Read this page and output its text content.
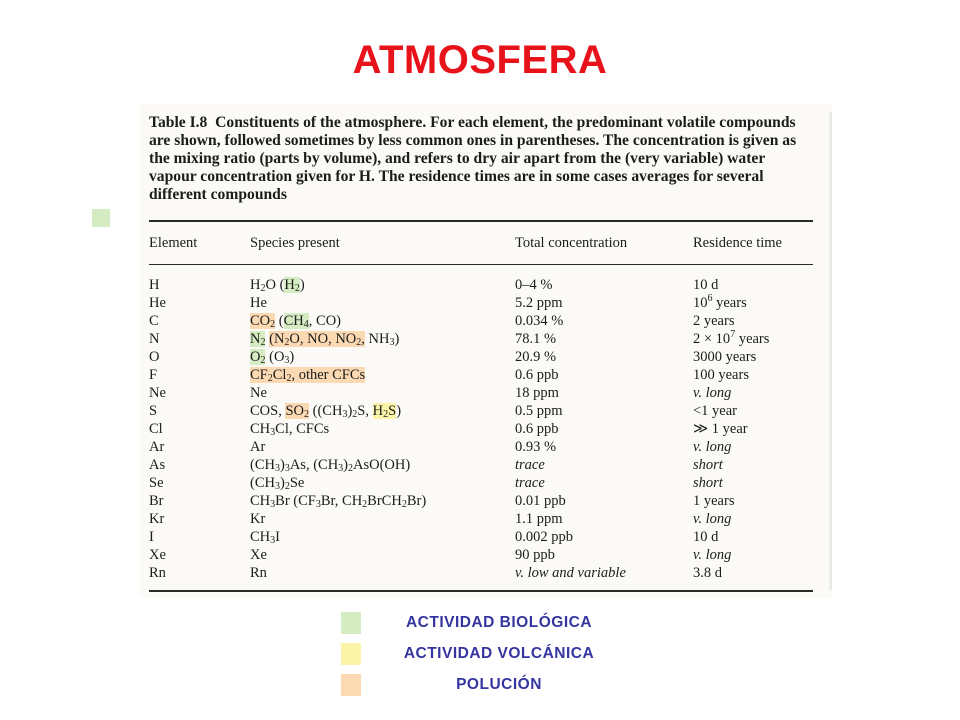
ATMOSFERA
Table I.8 Constituents of the atmosphere. For each element, the predominant volatile compounds are shown, followed sometimes by less common ones in parentheses. The concentration is given as the mixing ratio (parts by volume), and refers to dry air apart from the (very variable) water vapour concentration given for H. The residence times are in some cases averages for several different compounds
Element	Species present	Total concentration	Residence time
H	$H_2O$ $(H_2)$	0–4 %	10 d
He	He	5.2 ppm	$10^6$ years
C	$CO_2$ ($CH_4$, CO)	0.034 %	2 years
N	$N_2$ ($N_2O$, NO, $NO_2$, $NH_3$)	78.1 %	$2 \times 10^7$ years
O	$O_2$ $(O_3)$	20.9 %	3000 years
F	$CF_2Cl_2$, other CFCs	0.6 ppb	100 years
Ne	Ne	18 ppm	v. long
S	COS, $SO_2$ ($(CH_3)_2S$, $H_2S$)	0.5 ppm	<1 year
Cl	$CH_3Cl$, CFCs	0.6 ppb	≫ 1 year
Ar	Ar	0.93 %	v. long
As	$(CH_3)_3As$, $(CH_3)_2AsO(OH)$	trace	short
Se	$(CH_3)_2Se$	trace	short
Br	$CH_3Br$ ($CF_3Br$, $CH_2BrCH_2Br$)	0.01 ppb	1 years
Kr	Kr	1.1 ppm	v. long
I	$CH_3I$	0.002 ppb	10 d
Xe	Xe	90 ppb	v. long
Rn	Rn	v. low and variable	3.8 d
ACTIVIDAD BIOLÓGICA
ACTIVIDAD VOLCÁNICA
POLUCIÓN
